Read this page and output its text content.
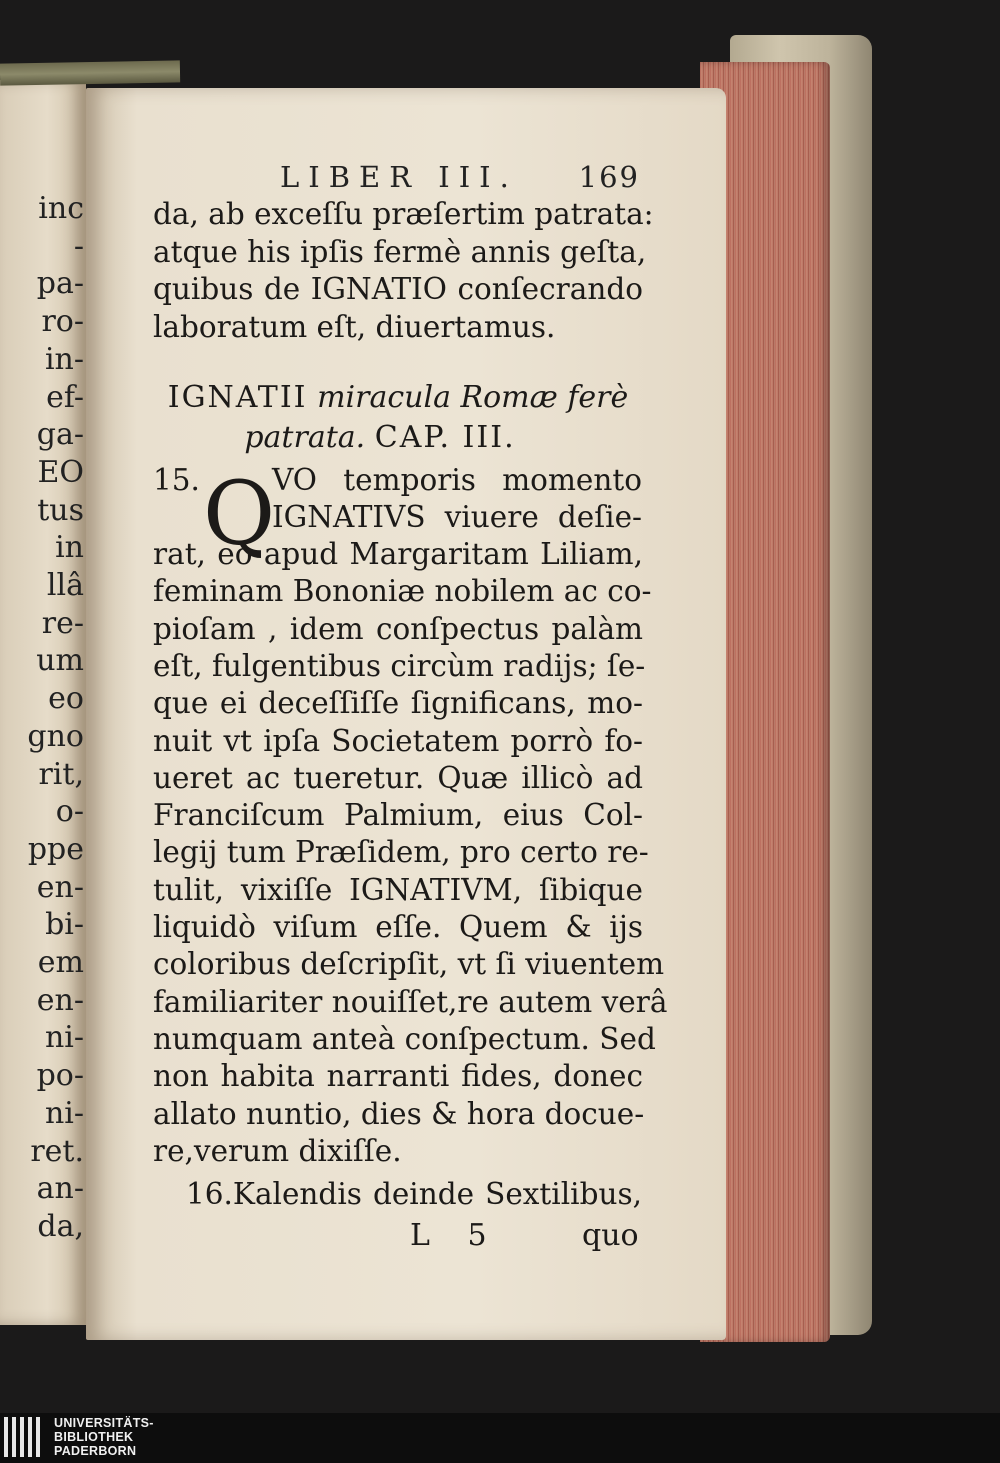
inc
-
pa-
ro-
in-
ef-
ga-
EO
tus
in
llâ
re-
um
eo
gno
rit,
o-
ppe
en-
bi-
em
en-
ni-
po-
ni-
ret.
an-
da,
LIBER III. 169
da, ab exceſſu præſertim patrata:
atque his ipſis fermè annis geſta,
quibus de IGNATIO conſecrando
laboratum eſt, diuertamus.
IGNATII miracula Romæ ferè
patrata. CAP. III.
15. Q
VO temporis momento
IGNATIVS viuere deſie-
rat, eo apud Margaritam Liliam,
feminam Bononiæ nobilem ac co-
pioſam , idem conſpectus palàm
eſt, fulgentibus circùm radijs; ſe-
que ei deceſſiſſe ſignificans, mo-
nuit vt ipſa Societatem porrò fo-
ueret ac tueretur. Quæ illicò ad
Franciſcum Palmium, eius Col-
legij tum Præſidem, pro certo re-
tulit, vixiſſe IGNATIVM, ſibique
liquidò viſum eſſe. Quem & ijs
coloribus deſcripſit, vt ſi viuentem
familiariter nouiſſet,re autem verâ
numquam anteà conſpectum. Sed
non habita narranti fides, donec
allato nuntio, dies & hora docue-
re,verum dixiſſe.
16.Kalendis deinde Sextilibus,
L 5	quo
UNIVERSITÄTS-
BIBLIOTHEK
PADERBORN
